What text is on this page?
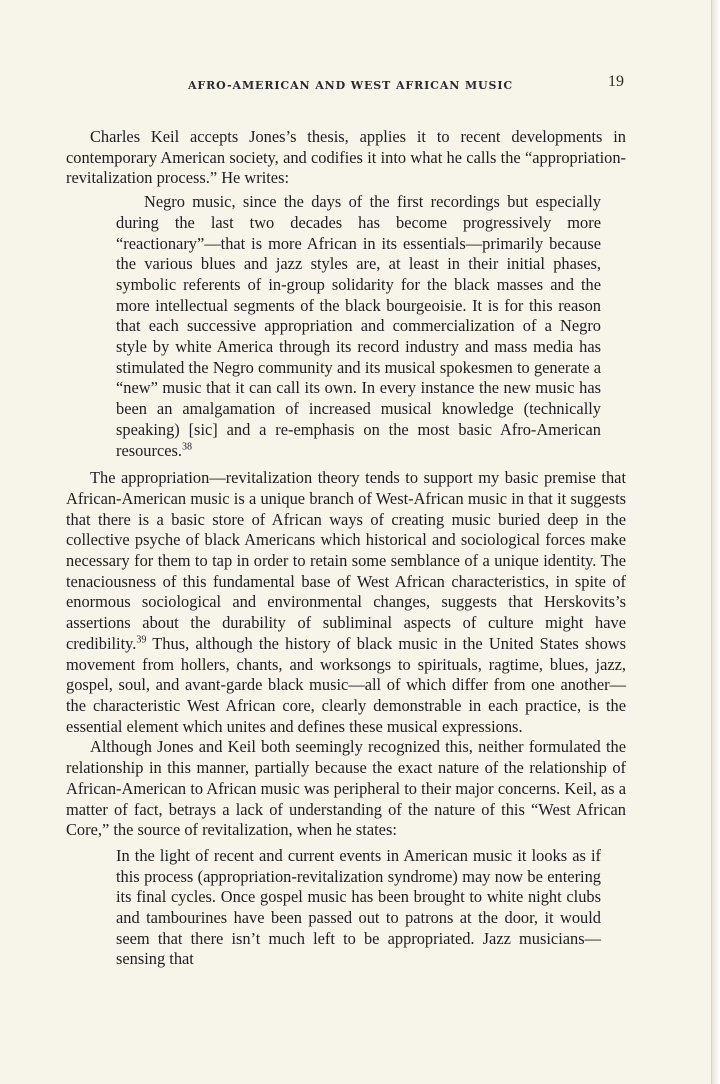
AFRO-AMERICAN AND WEST AFRICAN MUSIC	19

Charles Keil accepts Jones’s thesis, applies it to recent developments in contemporary American society, and codifies it into what he calls the “appropriation-revitalization process.” He writes:

Negro music, since the days of the first recordings but especially during the last two decades has become progressively more “reactionary”—that is more African in its essentials—primarily because the various blues and jazz styles are, at least in their initial phases, symbolic referents of in-group solidarity for the black masses and the more intellectual segments of the black bourgeoisie. It is for this reason that each successive appropriation and commercialization of a Negro style by white America through its record industry and mass media has stimulated the Negro community and its musical spokesmen to generate a “new” music that it can call its own. In every instance the new music has been an amalgamation of increased musical knowledge (technically speaking) [sic] and a re-emphasis on the most basic Afro-American resources.$^{38}$

The appropriation—revitalization theory tends to support my basic premise that African-American music is a unique branch of West-African music in that it suggests that there is a basic store of African ways of creating music buried deep in the collective psyche of black Americans which historical and sociological forces make necessary for them to tap in order to retain some semblance of a unique identity. The tenaciousness of this fundamental base of West African characteristics, in spite of enormous sociological and environmental changes, suggests that Herskovits’s assertions about the durability of subliminal aspects of culture might have credibility.$^{39}$ Thus, although the history of black music in the United States shows movement from hollers, chants, and worksongs to spirituals, ragtime, blues, jazz, gospel, soul, and avant-garde black music—all of which differ from one another—the characteristic West African core, clearly demonstrable in each practice, is the essential element which unites and defines these musical expressions.

Although Jones and Keil both seemingly recognized this, neither formulated the relationship in this manner, partially because the exact nature of the relationship of African-American to African music was peripheral to their major concerns. Keil, as a matter of fact, betrays a lack of understanding of the nature of this “West African Core,” the source of revitalization, when he states:

In the light of recent and current events in American music it looks as if this process (appropriation-revitalization syndrome) may now be entering its final cycles. Once gospel music has been brought to white night clubs and tambourines have been passed out to patrons at the door, it would seem that there isn’t much left to be appropriated. Jazz musicians—sensing that
